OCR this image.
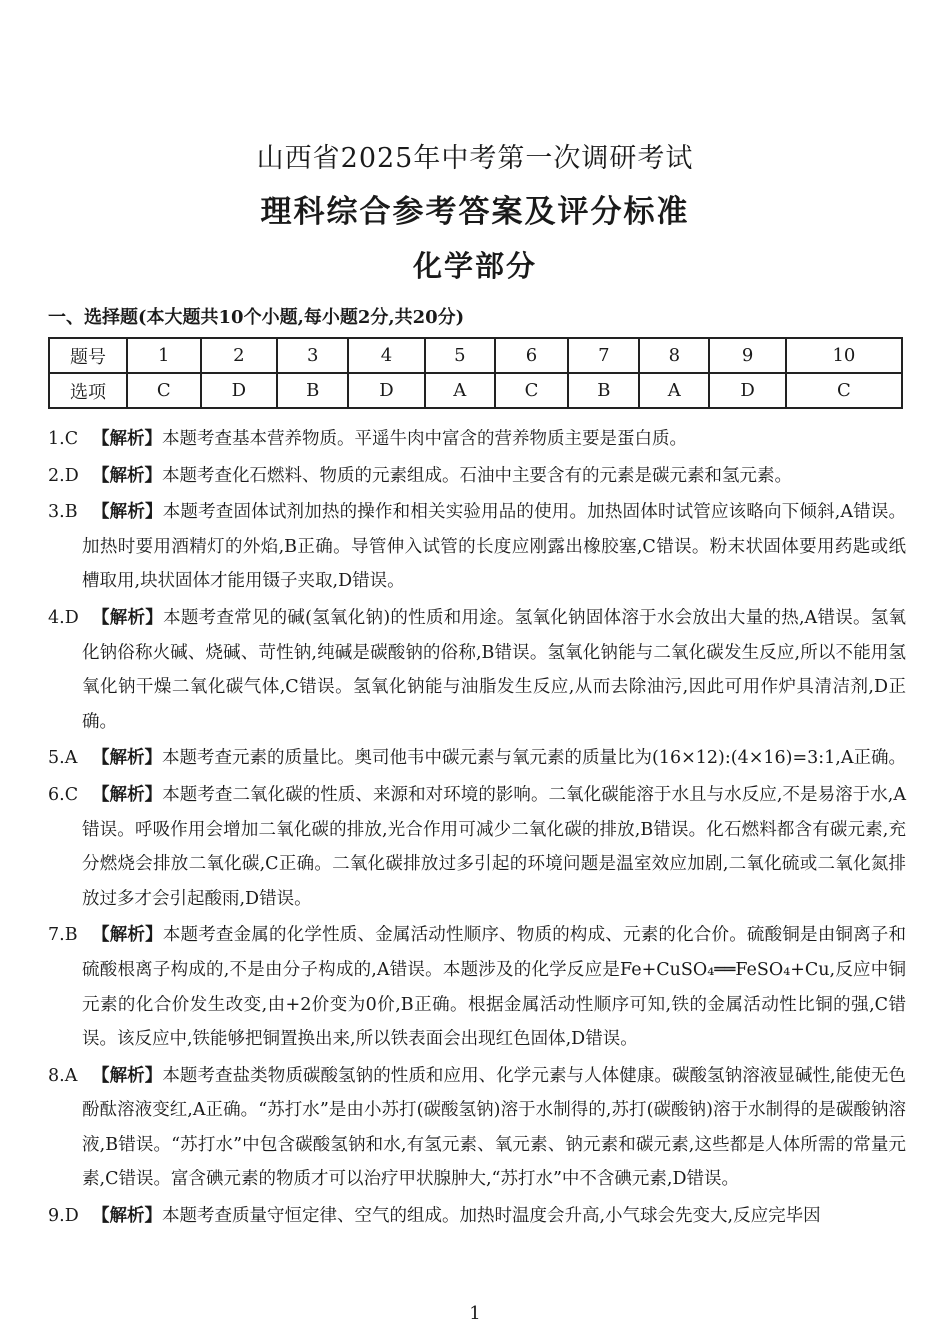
山西省2025年中考第一次调研考试
理科综合参考答案及评分标准
化学部分
一、选择题(本大题共10个小题,每小题2分,共20分)
题号	1	2	3	4	5	6	7	8	9	10
选项	C	D	B	D	A	C	B	A	D	C
1.C 【解析】本题考查基本营养物质。平遥牛肉中富含的营养物质主要是蛋白质。
2.D 【解析】本题考查化石燃料、物质的元素组成。石油中主要含有的元素是碳元素和氢元素。
3.B 【解析】本题考查固体试剂加热的操作和相关实验用品的使用。加热固体时试管应该略向下倾斜,A错误。加热时要用酒精灯的外焰,B正确。导管伸入试管的长度应刚露出橡胶塞,C错误。粉末状固体要用药匙或纸槽取用,块状固体才能用镊子夹取,D错误。
4.D 【解析】本题考查常见的碱(氢氧化钠)的性质和用途。氢氧化钠固体溶于水会放出大量的热,A错误。氢氧化钠俗称火碱、烧碱、苛性钠,纯碱是碳酸钠的俗称,B错误。氢氧化钠能与二氧化碳发生反应,所以不能用氢氧化钠干燥二氧化碳气体,C错误。氢氧化钠能与油脂发生反应,从而去除油污,因此可用作炉具清洁剂,D正确。
5.A 【解析】本题考查元素的质量比。奥司他韦中碳元素与氧元素的质量比为(16×12):(4×16)=3:1,A正确。
6.C 【解析】本题考查二氧化碳的性质、来源和对环境的影响。二氧化碳能溶于水且与水反应,不是易溶于水,A错误。呼吸作用会增加二氧化碳的排放,光合作用可减少二氧化碳的排放,B错误。化石燃料都含有碳元素,充分燃烧会排放二氧化碳,C正确。二氧化碳排放过多引起的环境问题是温室效应加剧,二氧化硫或二氧化氮排放过多才会引起酸雨,D错误。
7.B 【解析】本题考查金属的化学性质、金属活动性顺序、物质的构成、元素的化合价。硫酸铜是由铜离子和硫酸根离子构成的,不是由分子构成的,A错误。本题涉及的化学反应是Fe+CuSO₄══FeSO₄+Cu,反应中铜元素的化合价发生改变,由+2价变为0价,B正确。根据金属活动性顺序可知,铁的金属活动性比铜的强,C错误。该反应中,铁能够把铜置换出来,所以铁表面会出现红色固体,D错误。
8.A 【解析】本题考查盐类物质碳酸氢钠的性质和应用、化学元素与人体健康。碳酸氢钠溶液显碱性,能使无色酚酞溶液变红,A正确。“苏打水”是由小苏打(碳酸氢钠)溶于水制得的,苏打(碳酸钠)溶于水制得的是碳酸钠溶液,B错误。“苏打水”中包含碳酸氢钠和水,有氢元素、氧元素、钠元素和碳元素,这些都是人体所需的常量元素,C错误。富含碘元素的物质才可以治疗甲状腺肿大,“苏打水”中不含碘元素,D错误。
9.D 【解析】本题考查质量守恒定律、空气的组成。加热时温度会升高,小气球会先变大,反应完毕因
1
